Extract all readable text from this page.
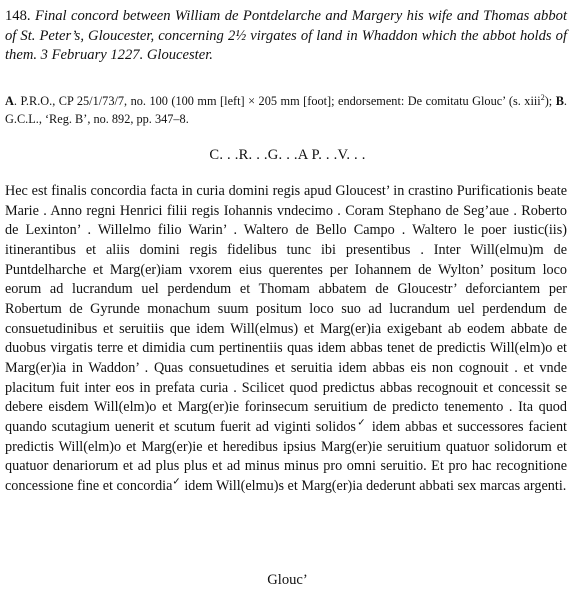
148. Final concord between William de Pontdelarche and Margery his wife and Thomas abbot of St. Peter’s, Gloucester, concerning 2½ virgates of land in Whaddon which the abbot holds of them. 3 February 1227. Gloucester.

A. P.R.O., CP 25/1/73/7, no. 100 (100 mm [left] × 205 mm [foot]; endorsement: De comitatu Glouc’ (s. xiii$^2$); B. G.C.L., ‘Reg. B’, no. 892, pp. 347–8.

C. . .R. . .G. . .A P. . .V. . .

Hec est finalis concordia facta in curia domini regis apud Gloucest’ in crastino Purificationis beate Marie . Anno regni Henrici filii regis Iohannis vndecimo . Coram Stephano de Seg’aue . Roberto de Lexinton’ . Willelmo filio Warin’ . Waltero de Bello Campo . Waltero le poer iustic(iis) itinerantibus et aliis domini regis fidelibus tunc ibi presentibus . Inter Will(elmu)m de Puntdelharche et Marg(er)iam vxorem eius querentes per Iohannem de Wylton’ positum loco eorum ad lucrandum uel perdendum et Thomam abbatem de Gloucestr’ deforciantem per Robertum de Gyrunde monachum suum positum loco suo ad lucrandum uel perdendum de consuetudinibus et seruitiis que idem Will(elmus) et Marg(er)ia exigebant ab eodem abbate de duobus virgatis terre et dimidia cum pertinentiis quas idem abbas tenet de predictis Will(elm)o et Marg(er)ia in Waddon’ . Quas consuetudines et seruitia idem abbas eis non cognouit . et vnde placitum fuit inter eos in prefata curia . Scilicet quod predictus abbas recognouit et concessit se debere eisdem Will(elm)o et Marg(er)ie forinsecum seruitium de predicto tenemento . Ita quod quando scutagium uenerit et scutum fuerit ad viginti solidos✓ idem abbas et successores facient predictis Will(elm)o et Marg(er)ie et heredibus ipsius Marg(er)ie seruitium quatuor solidorum et quatuor denariorum et ad plus plus et ad minus minus pro omni seruitio. Et pro hac recognitione concessione fine et concordia✓ idem Will(elmu)s et Marg(er)ia dederunt abbati sex marcas argenti.

Glouc’
